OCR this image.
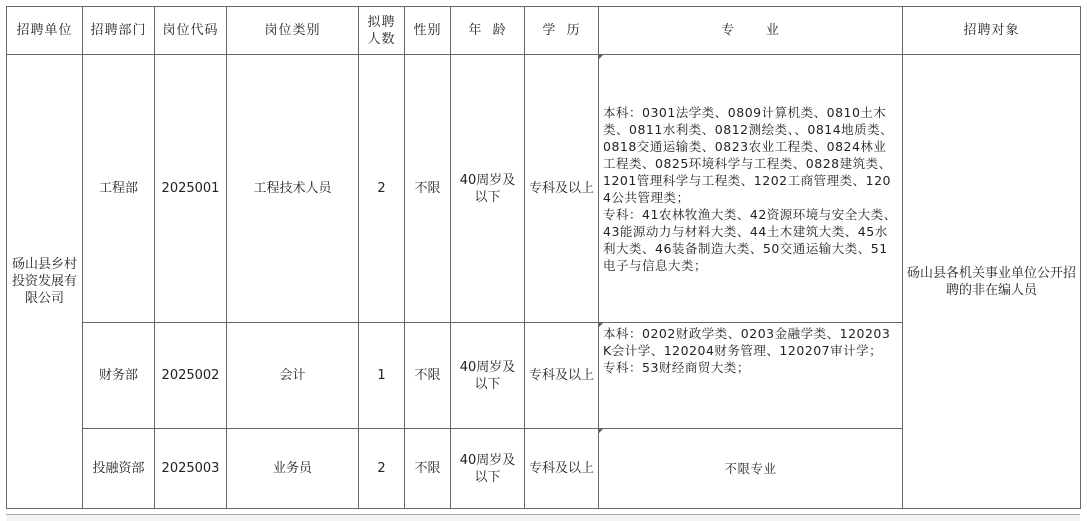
招聘单位	招聘部门	岗位代码	岗位类别	拟聘人数	性别	年  龄	学  历	专      业	招聘对象
砀山县乡村投资发展有限公司	工程部	2025001	工程技术人员	2	不限	40周岁及以下	专科及以上	本科：0301法学类、0809计算机类、0810土木类、0811水利类、0812测绘类、、0814地质类、0818交通运输类、0823农业工程类、0824林业工程类、0825环境科学与工程类、0828建筑类、1201管理科学与工程类、1202工商管理类、1204公共管理类；
专科：41农林牧渔大类、42资源环境与安全大类、43能源动力与材料大类、44土木建筑大类、45水利大类、46装备制造大类、50交通运输大类、51电子与信息大类；	砀山县各机关事业单位公开招聘的非在编人员
	财务部	2025002	会计	1	不限	40周岁及以下	专科及以上	本科：0202财政学类、0203金融学类、120203K会计学、120204财务管理、120207审计学；
专科：53财经商贸大类；	

	投融资部	2025003	业务员	2	不限	40周岁及以下	专科及以上	不限专业	
